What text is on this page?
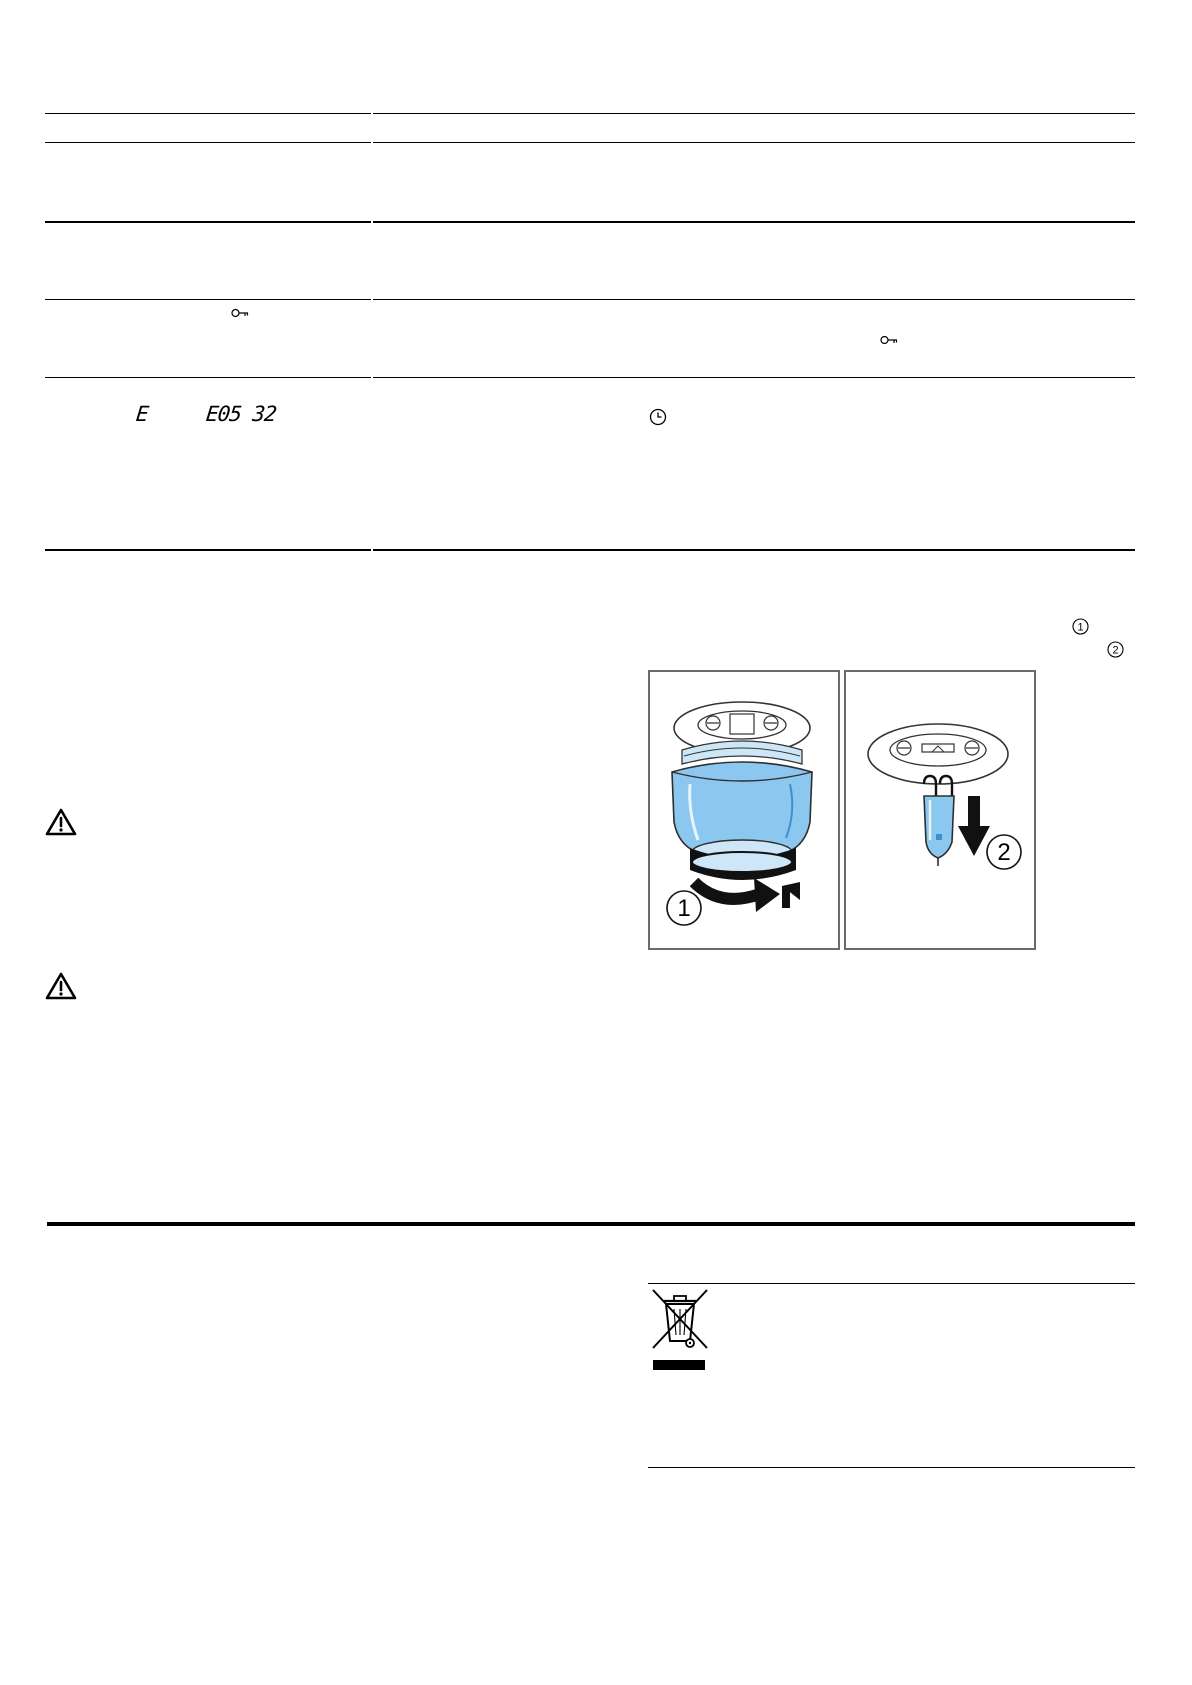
E	E05 32
1
2
1
2
